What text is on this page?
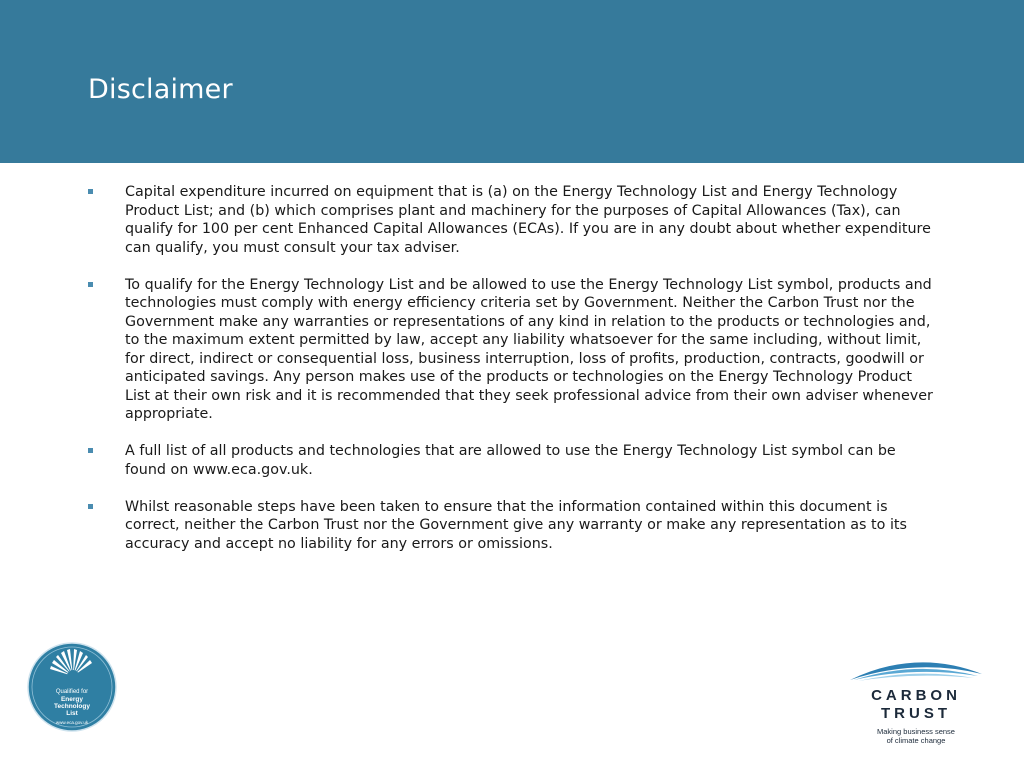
Disclaimer
Capital expenditure incurred on equipment that is (a) on the Energy Technology List and Energy Technology Product List; and (b) which comprises plant and machinery for the purposes of Capital Allowances (Tax), can qualify for 100 per cent Enhanced Capital Allowances (ECAs). If you are in any doubt about whether expenditure can qualify, you must consult your tax adviser.
To qualify for the Energy Technology List and be allowed to use the Energy Technology List symbol, products and technologies must comply with energy efficiency criteria set by Government. Neither the Carbon Trust nor the Government make any warranties or representations of any kind in relation to the products or technologies and, to the maximum extent permitted by law, accept any liability whatsoever for the same including, without limit, for direct, indirect or consequential loss, business interruption, loss of profits, production, contracts, goodwill or anticipated savings. Any person makes use of the products or technologies on the Energy Technology Product List at their own risk and it is recommended that they seek professional advice from their own adviser whenever appropriate.
A full list of all products and technologies that are allowed to use the Energy Technology List symbol can be found on www.eca.gov.uk.
Whilst reasonable steps have been taken to ensure that the information contained within this document is correct, neither the Carbon Trust nor the Government give any warranty or make any representation as to its accuracy and accept no liability for any errors or omissions.
Qualified for
Energy
Technology
List
www.eca.gov.uk
CARBON
TRUST
Making business sense
of climate change
